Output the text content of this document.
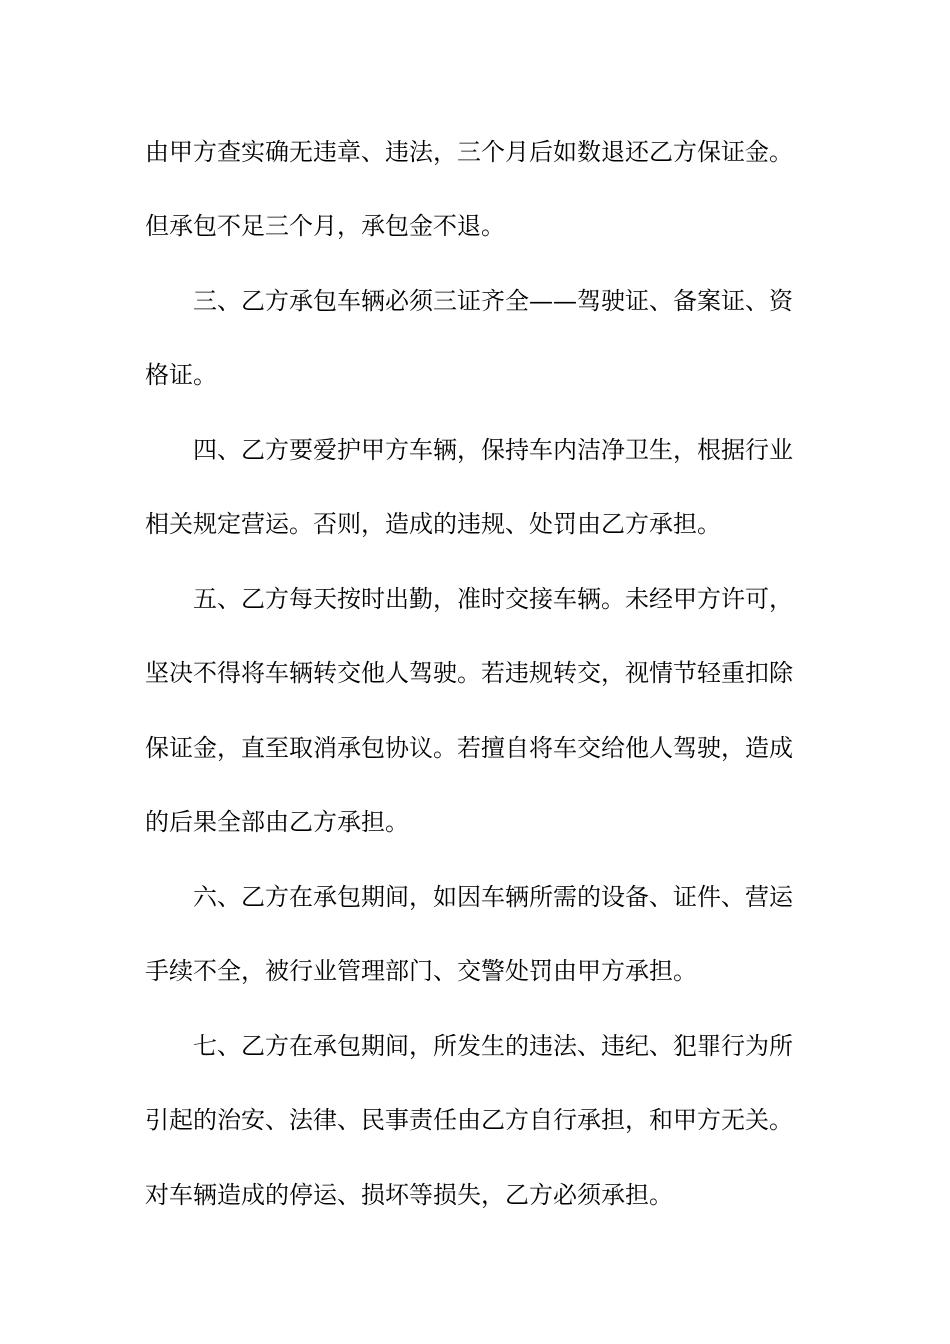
由甲方查实确无违章、违法，三个月后如数退还乙方保证金。
但承包不足三个月，承包金不退。
三、乙方承包车辆必须三证齐全——驾驶证、备案证、资
格证。
四、乙方要爱护甲方车辆，保持车内洁净卫生，根据行业
相关规定营运。否则，造成的违规、处罚由乙方承担。
五、乙方每天按时出勤，准时交接车辆。未经甲方许可，
坚决不得将车辆转交他人驾驶。若违规转交，视情节轻重扣除
保证金，直至取消承包协议。若擅自将车交给他人驾驶，造成
的后果全部由乙方承担。
六、乙方在承包期间，如因车辆所需的设备、证件、营运
手续不全，被行业管理部门、交警处罚由甲方承担。
七、乙方在承包期间，所发生的违法、违纪、犯罪行为所
引起的治安、法律、民事责任由乙方自行承担，和甲方无关。
对车辆造成的停运、损坏等损失，乙方必须承担。
